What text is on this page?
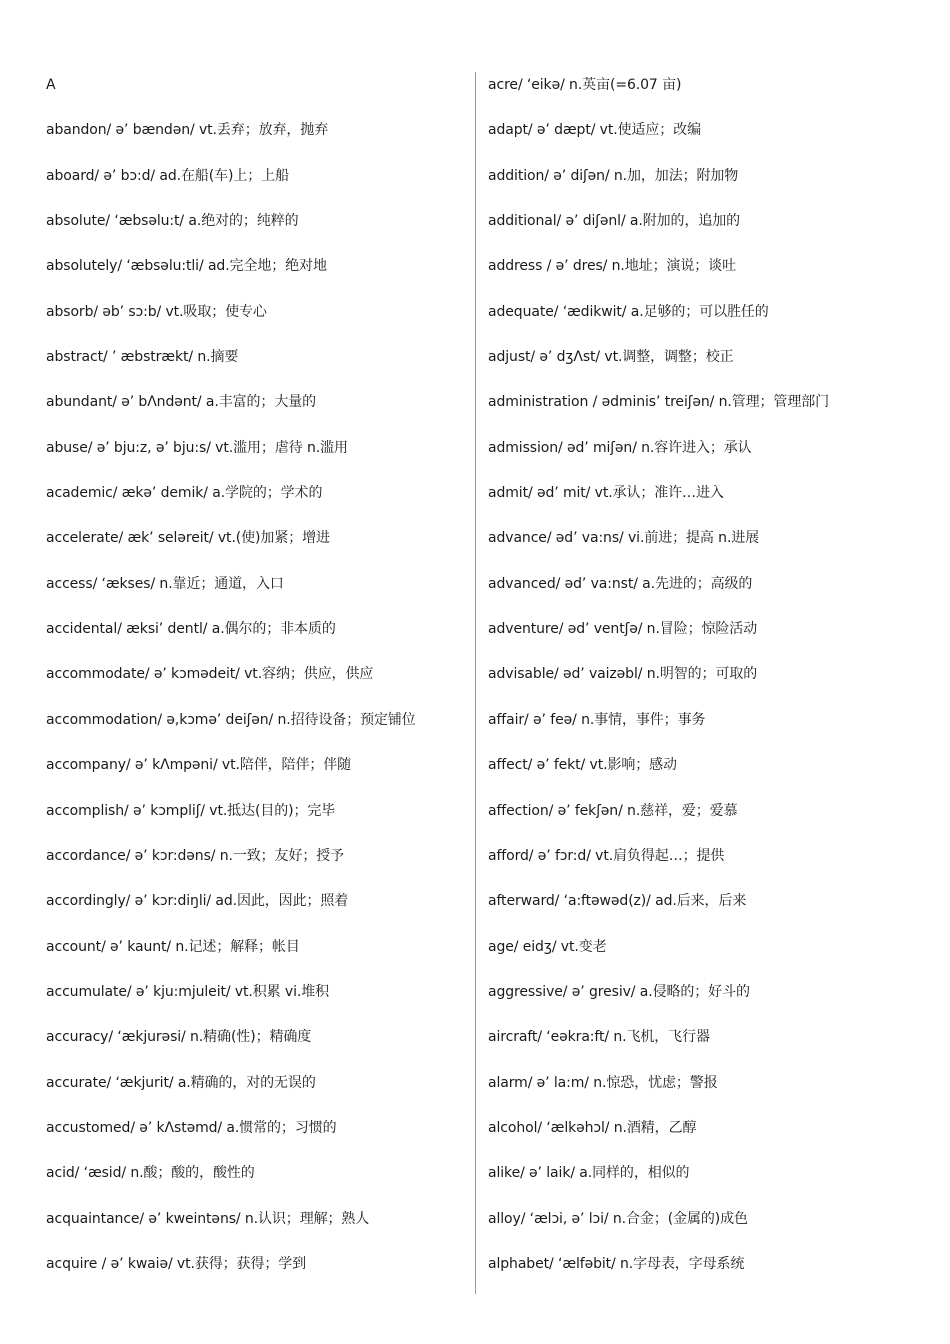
A
abandon/ ə’ bændən/ vt.丢弃；放弃，抛弃
aboard/ ə’ bɔ:d/ ad.在船(车)上；上船
absolute/ ‘æbsəlu:t/ a.绝对的；纯粹的
absolutely/ ‘æbsəlu:tli/ ad.完全地；绝对地
absorb/ əb’ sɔ:b/ vt.吸取；使专心
abstract/ ’ æbstrækt/ n.摘要
abundant/ ə’ bΛndənt/ a.丰富的；大量的
abuse/ ə’ bju:z, ə’ bju:s/ vt.滥用；虐待 n.滥用
academic/ ækə’ demik/ a.学院的；学术的
accelerate/ æk’ seləreit/ vt.(使)加紧；增进
access/ ‘ækses/ n.靠近；通道，入口
accidental/ æksi’ dentl/ a.偶尔的；非本质的
accommodate/ ə’ kɔmədeit/ vt.容纳；供应，供应
accommodation/ ə,kɔmə’ deiʃən/ n.招待设备；预定铺位
accompany/ ə’ kΛmpəni/ vt.陪伴，陪伴；伴随
accomplish/ ə’ kɔmpliʃ/ vt.抵达(目的)；完毕
accordance/ ə’ kɔr:dəns/ n.一致；友好；授予
accordingly/ ə’ kɔr:diŋli/ ad.因此，因此；照着
account/ ə’ kaunt/ n.记述；解释；帐目
accumulate/ ə’ kju:mjuleit/ vt.积累 vi.堆积
accuracy/ ‘ækjurəsi/ n.精确(性)；精确度
accurate/ ‘ækjurit/ a.精确的，对的无误的
accustomed/ ə’ kΛstəmd/ a.惯常的；习惯的
acid/ ‘æsid/ n.酸；酸的，酸性的
acquaintance/ ə’ kweintəns/ n.认识；理解；熟人
acquire / ə’ kwaiə/ vt.获得；获得；学到
acre/ ‘eikə/ n.英亩(=6.07 亩)
adapt/ ə’ dæpt/ vt.使适应；改编
addition/ ə’ diʃən/ n.加，加法；附加物
additional/ ə’ diʃənl/ a.附加的，追加的
address / ə’ dres/ n.地址；演说；谈吐
adequate/ ‘ædikwit/ a.足够的；可以胜任的
adjust/ ə’ dʒΛst/ vt.调整，调整；校正
administration / ədminis’ treiʃən/ n.管理；管理部门
admission/ əd’ miʃən/ n.容许进入；承认
admit/ əd’ mit/ vt.承认；准许…进入
advance/ əd’ va:ns/ vi.前进；提高 n.进展
advanced/ əd’ va:nst/ a.先进的；高级的
adventure/ əd’ ventʃə/ n.冒险；惊险活动
advisable/ əd’ vaizəbl/ n.明智的；可取的
affair/ ə’ feə/ n.事情，事件；事务
affect/ ə’ fekt/ vt.影响；感动
affection/ ə’ fekʃən/ n.慈祥，爱；爱慕
afford/ ə’ fɔr:d/ vt.肩负得起…；提供
afterward/ ‘a:ftəwəd(z)/ ad.后来，后来
age/ eidʒ/ vt.变老
aggressive/ ə’ gresiv/ a.侵略的；好斗的
aircraft/ ‘eəkra:ft/ n.飞机，飞行器
alarm/ ə’ la:m/ n.惊恐，忧虑；警报
alcohol/ ‘ælkəhɔl/ n.酒精，乙醇
alike/ ə’ laik/ a.同样的，相似的
alloy/ ‘ælɔi, ə’ lɔi/ n.合金；(金属的)成色
alphabet/ ‘ælfəbit/ n.字母表，字母系统
